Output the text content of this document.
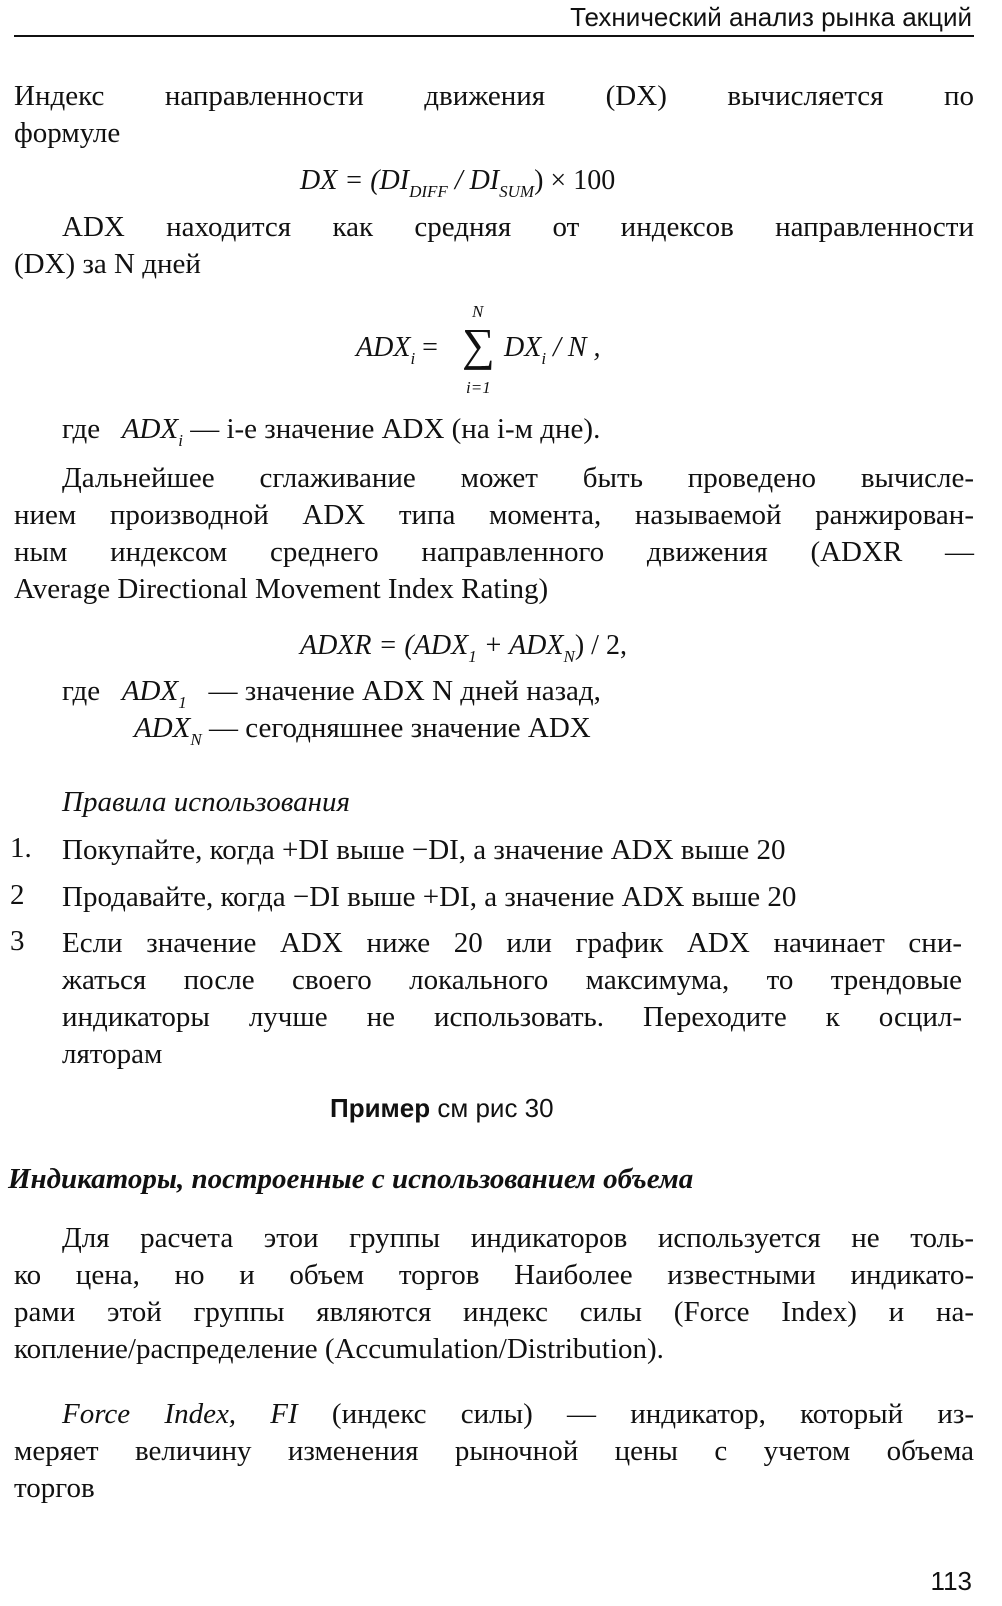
Технический анализ рынка акций
Индекс направленности движения (DX) вычисляется по
формуле
DX = $(DI_{DIFF} / DI_{SUM}) \times 100$
ADX находится как средняя от индексов направленности
(DX) за N дней
N
$ADX_i$ = ∑ $DX_i$ / N ,
i=1
где $ADX_i$ — i-е значение ADX (на i-м дне).
Дальнейшее сглаживание может быть проведено вычисле-
нием производной ADX типа момента, называемой ранжирован-
ным индексом среднего направленного движения (ADXR —
Average Directional Movement Index Rating)
ADXR = $(ADX_1 + ADX_N) / 2$,
где $ADX_1$   — значение ADX N дней назад,
$ADX_N$ — сегодняшнее значение ADX
Правила использования
1. Покупайте, когда +DI выше −DI, а значение ADX выше 20
2 Продавайте, когда −DI выше +DI, а значение ADX выше 20
3 Если значение ADX ниже 20 или график ADX начинает сни-
жаться после своего локального максимума, то трендовые
индикаторы лучше не использовать. Переходите к осцил-
ляторам
Пример см рис 30
Индикаторы, построенные с использованием объема
Для расчета этои группы индикаторов используется не толь-
ко цена, но и объем торгов Наиболее известными индикато-
рами этой группы являются индекс силы (Force Index) и на-
копление/распределение (Accumulation/Distribution).
Force Index, FI (индекс силы) — индикатор, который из-
меряет величину изменения рыночной цены с учетом объема
торгов
113
